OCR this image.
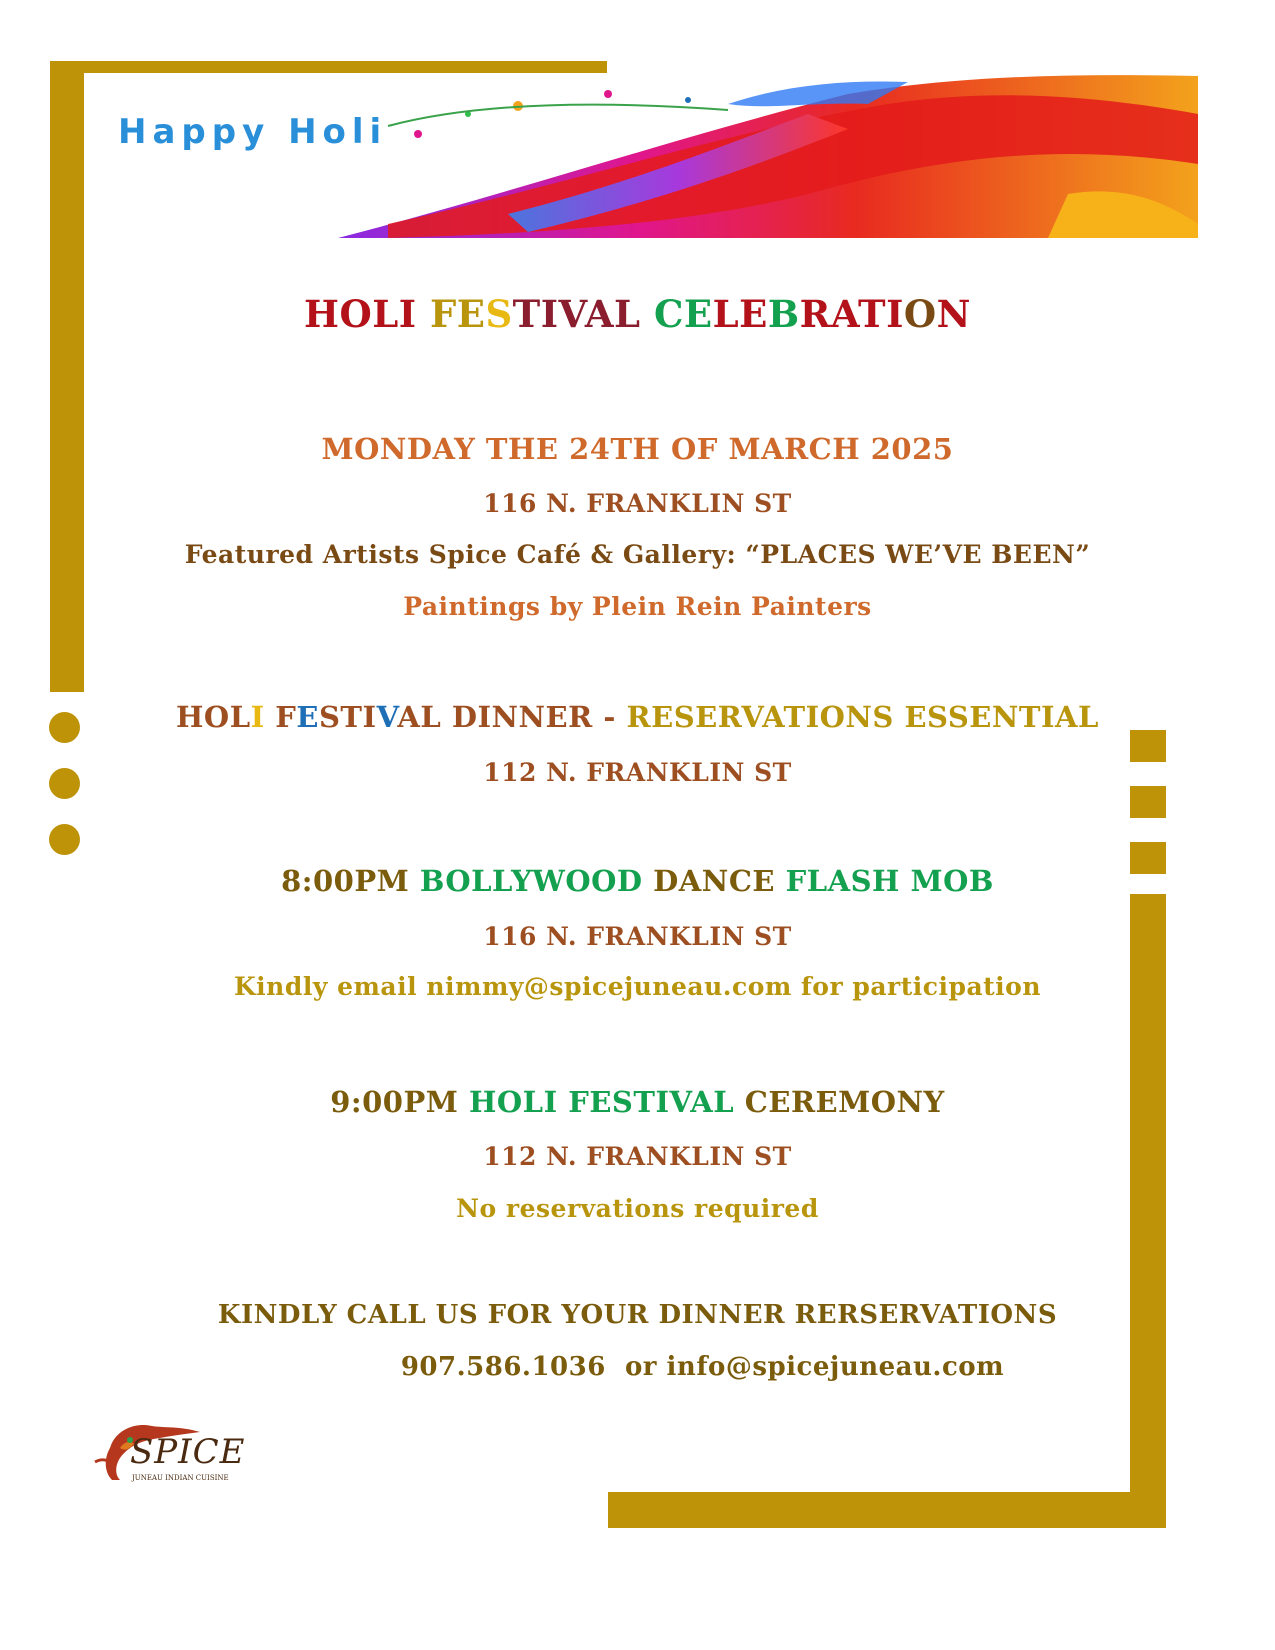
Happy Holi
HOLI FESTIVAL CELEBRATION
MONDAY THE 24TH OF MARCH 2025
116 N. FRANKLIN ST
Featured Artists Spice Café & Gallery: “PLACES WE’VE BEEN”
Paintings by Plein Rein Painters
HOLI FESTIVAL DINNER - RESERVATIONS ESSENTIAL
112 N. FRANKLIN ST
8:00PM BOLLYWOOD DANCE FLASH MOB
116 N. FRANKLIN ST
Kindly email nimmy@spicejuneau.com for participation
9:00PM HOLI FESTIVAL CEREMONY
112 N. FRANKLIN ST
No reservations required
KINDLY CALL US FOR YOUR DINNER RERSERVATIONS
907.586.1036 or info@spicejuneau.com
SPICE
JUNEAU INDIAN CUISINE
